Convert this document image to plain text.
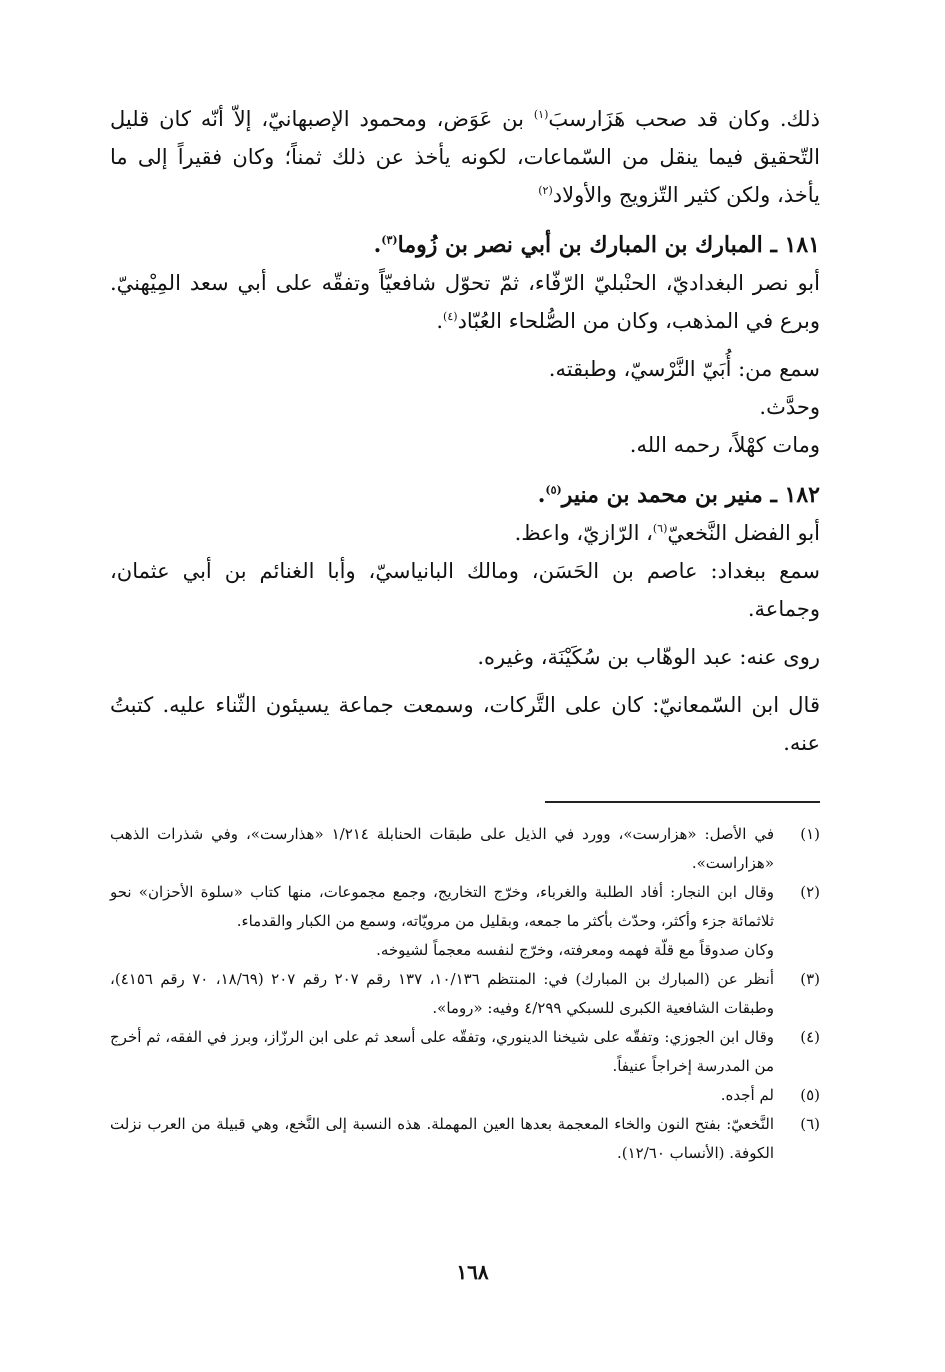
ذلك. وكان قد صحب هَزَارسبَ$^{(١)}$ بن عَوَض، ومحمود الإصبهانيّ، إلاّ أنّه كان قليل التّحقيق فيما ينقل من السّماعات، لكونه يأخذ عن ذلك ثمناً؛ وكان فقيراً إلى ما يأخذ، ولكن كثير التّزويج والأولاد$^{(٢)}$

١٨١ ـ المبارك بن المبارك بن أبي نصر بن زُوما$^{(٣)}$.

أبو نصر البغداديّ، الحنْبليّ الرّفّاء، ثمّ تحوّل شافعيّاً وتفقّه على أبي سعد المِيْهنيّ. وبرع في المذهب، وكان من الصُّلحاء العُبّاد$^{(٤)}$.

سمع من: أُبَيّ النَّرْسيّ، وطبقته.

وحدَّث.

ومات كهْلاً، رحمه الله.

١٨٢ ـ منير بن محمد بن منير$^{(٥)}$.

أبو الفضل النَّخعيّ$^{(٦)}$، الرّازيّ، واعظ.

سمع ببغداد: عاصم بن الحَسَن، ومالك البانياسيّ، وأبا الغنائم بن أبي عثمان، وجماعة.

روى عنه: عبد الوهّاب بن سُكَيْنَة، وغيره.

قال ابن السّمعانيّ: كان على التَّركات، وسمعت جماعة يسيئون الثّناء عليه. كتبتُ عنه.

(١)

في الأصل: «هزارست»، وورد في الذيل على طبقات الحنابلة ١/٢١٤ «هذارست»، وفي شذرات الذهب «هزاراست».

(٢)

وقال ابن النجار: أفاد الطلبة والغرباء، وخرّج التخاريج، وجمع مجموعات، منها كتاب «سلوة الأحزان» نحو ثلاثمائة جزء وأكثر، وحدّث بأكثر ما جمعه، وبقليل من مرويّاته، وسمع من الكبار والقدماء.

وكان صدوقاً مع قلّة فهمه ومعرفته، وخرّج لنفسه معجماً لشيوخه.

(٣)

أنظر عن (المبارك بن المبارك) في: المنتظم ١٠/١٣٦، ١٣٧ رقم ٢٠٧ رقم ٢٠٧ (١٨/٦٩، ٧٠ رقم ٤١٥٦)، وطبقات الشافعية الكبرى للسبكي ٤/٢٩٩ وفيه: «روما».

(٤)

وقال ابن الجوزي: وتفقّه على شيخنا الدينوري، وتفقّه على أسعد ثم على ابن الرزّاز، وبرز في الفقه، ثم أخرج من المدرسة إخراجاً عنيفاً.

(٥)

لم أجده.

(٦)

النَّخعيّ: بفتح النون والخاء المعجمة بعدها العين المهملة. هذه النسبة إلى النَّخع، وهي قبيلة من العرب نزلت الكوفة. (الأنساب ١٢/٦٠).

١٦٨
